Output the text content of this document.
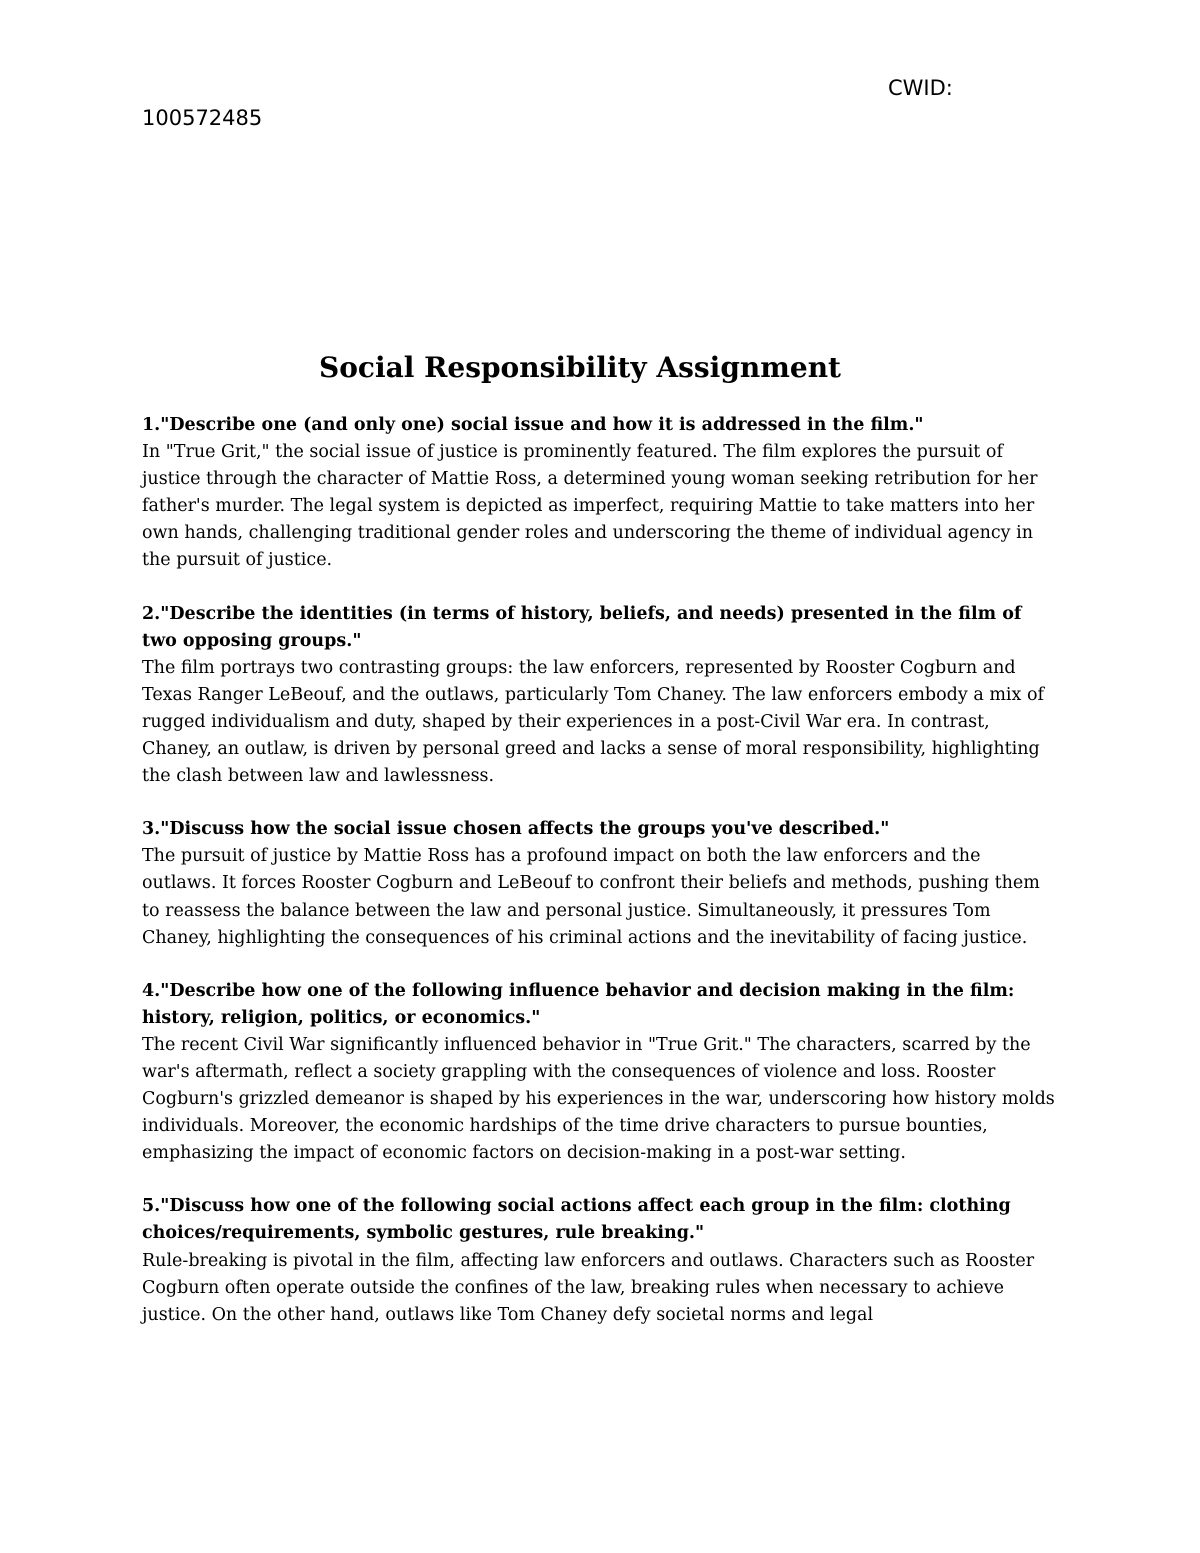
CWID:
100572485
Social Responsibility Assignment

1."Describe one (and only one) social issue and how it is addressed in the film."

In "True Grit," the social issue of justice is prominently featured. The film explores the pursuit of justice through the character of Mattie Ross, a determined young woman seeking retribution for her father's murder. The legal system is depicted as imperfect, requiring Mattie to take matters into her own hands, challenging traditional gender roles and underscoring the theme of individual agency in the pursuit of justice.

2."Describe the identities (in terms of history, beliefs, and needs) presented in the film of two opposing groups."

The film portrays two contrasting groups: the law enforcers, represented by Rooster Cogburn and Texas Ranger LeBeouf, and the outlaws, particularly Tom Chaney. The law enforcers embody a mix of rugged individualism and duty, shaped by their experiences in a post-Civil War era. In contrast, Chaney, an outlaw, is driven by personal greed and lacks a sense of moral responsibility, highlighting the clash between law and lawlessness.

3."Discuss how the social issue chosen affects the groups you've described."

The pursuit of justice by Mattie Ross has a profound impact on both the law enforcers and the outlaws. It forces Rooster Cogburn and LeBeouf to confront their beliefs and methods, pushing them to reassess the balance between the law and personal justice. Simultaneously, it pressures Tom Chaney, highlighting the consequences of his criminal actions and the inevitability of facing justice.

4."Describe how one of the following influence behavior and decision making in the film: history, religion, politics, or economics."

The recent Civil War significantly influenced behavior in "True Grit." The characters, scarred by the war's aftermath, reflect a society grappling with the consequences of violence and loss. Rooster Cogburn's grizzled demeanor is shaped by his experiences in the war, underscoring how history molds individuals. Moreover, the economic hardships of the time drive characters to pursue bounties, emphasizing the impact of economic factors on decision-making in a post-war setting.

5."Discuss how one of the following social actions affect each group in the film: clothing choices/requirements, symbolic gestures, rule breaking."

Rule-breaking is pivotal in the film, affecting law enforcers and outlaws. Characters such as Rooster Cogburn often operate outside the confines of the law, breaking rules when necessary to achieve justice. On the other hand, outlaws like Tom Chaney defy societal norms and legal
